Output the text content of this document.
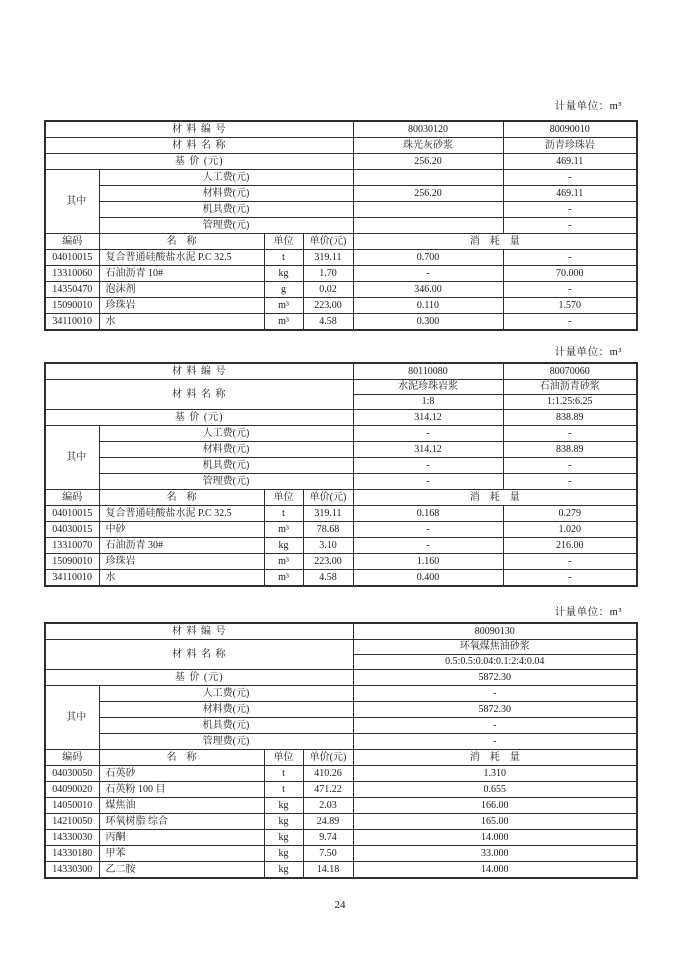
计量单位：m³
材 料 编 号				80030120	80090010
材 料 名 称				珠光灰砂浆	沥青珍珠岩
基 价 (元)				256.20	469.11

其中	人工费(元)				-
	材料费(元)			256.20	469.11
	机具费(元)				-
	管理费(元)				-
编码	名　称	单位	单价(元)	消　耗　量	
04010015	复合普通硅酸盐水泥 P.C 32.5	t	319.11	0.700	-
13310060	石油沥青 10#	kg	1.70	-	70.000
14350470	泡沫剂	g	0.02	346.00	-
15090010	珍珠岩	m³	223.00	0.110	1.570
34110010	水	m³	4.58	0.300	-
计量单位：m³
材 料 编 号				80110080	80070060
材 料 名 称				水泥珍珠岩浆	石油沥青砂浆
				1:8	1:1.25:6.25
基 价 (元)				314.12	838.89

其中	人工费(元)			-	-
	材料费(元)			314.12	838.89
	机具费(元)			-	-
	管理费(元)			-	-
编码	名　称	单位	单价(元)	消　耗　量	
04010015	复合普通硅酸盐水泥 P.C 32.5	t	319.11	0.168	0.279
04030015	中砂	m³	78.68	-	1.020
13310070	石油沥青 30#	kg	3.10	-	216.00
15090010	珍珠岩	m³	223.00	1.160	-
34110010	水	m³	4.58	0.400	-
计量单位：m³
材 料 编 号				80090130
材 料 名 称				环氧煤焦油砂浆
				0.5:0.5:0.04:0.1:2:4:0.04
基 价 (元)				5872.30

其中	人工费(元)			-
	材料费(元)			5872.30
	机具费(元)			-
	管理费(元)			-
编码	名　称	单位	单价(元)	消　耗　量
04030050	石英砂	t	410.26	1.310
04090020	石英粉 100 目	t	471.22	0.655
14050010	煤焦油	kg	2.03	166.00
14210050	环氧树脂 综合	kg	24.89	165.00
14330030	丙酮	kg	9.74	14.000
14330180	甲苯	kg	7.50	33.000
14330300	乙二胺	kg	14.18	14.000
24
